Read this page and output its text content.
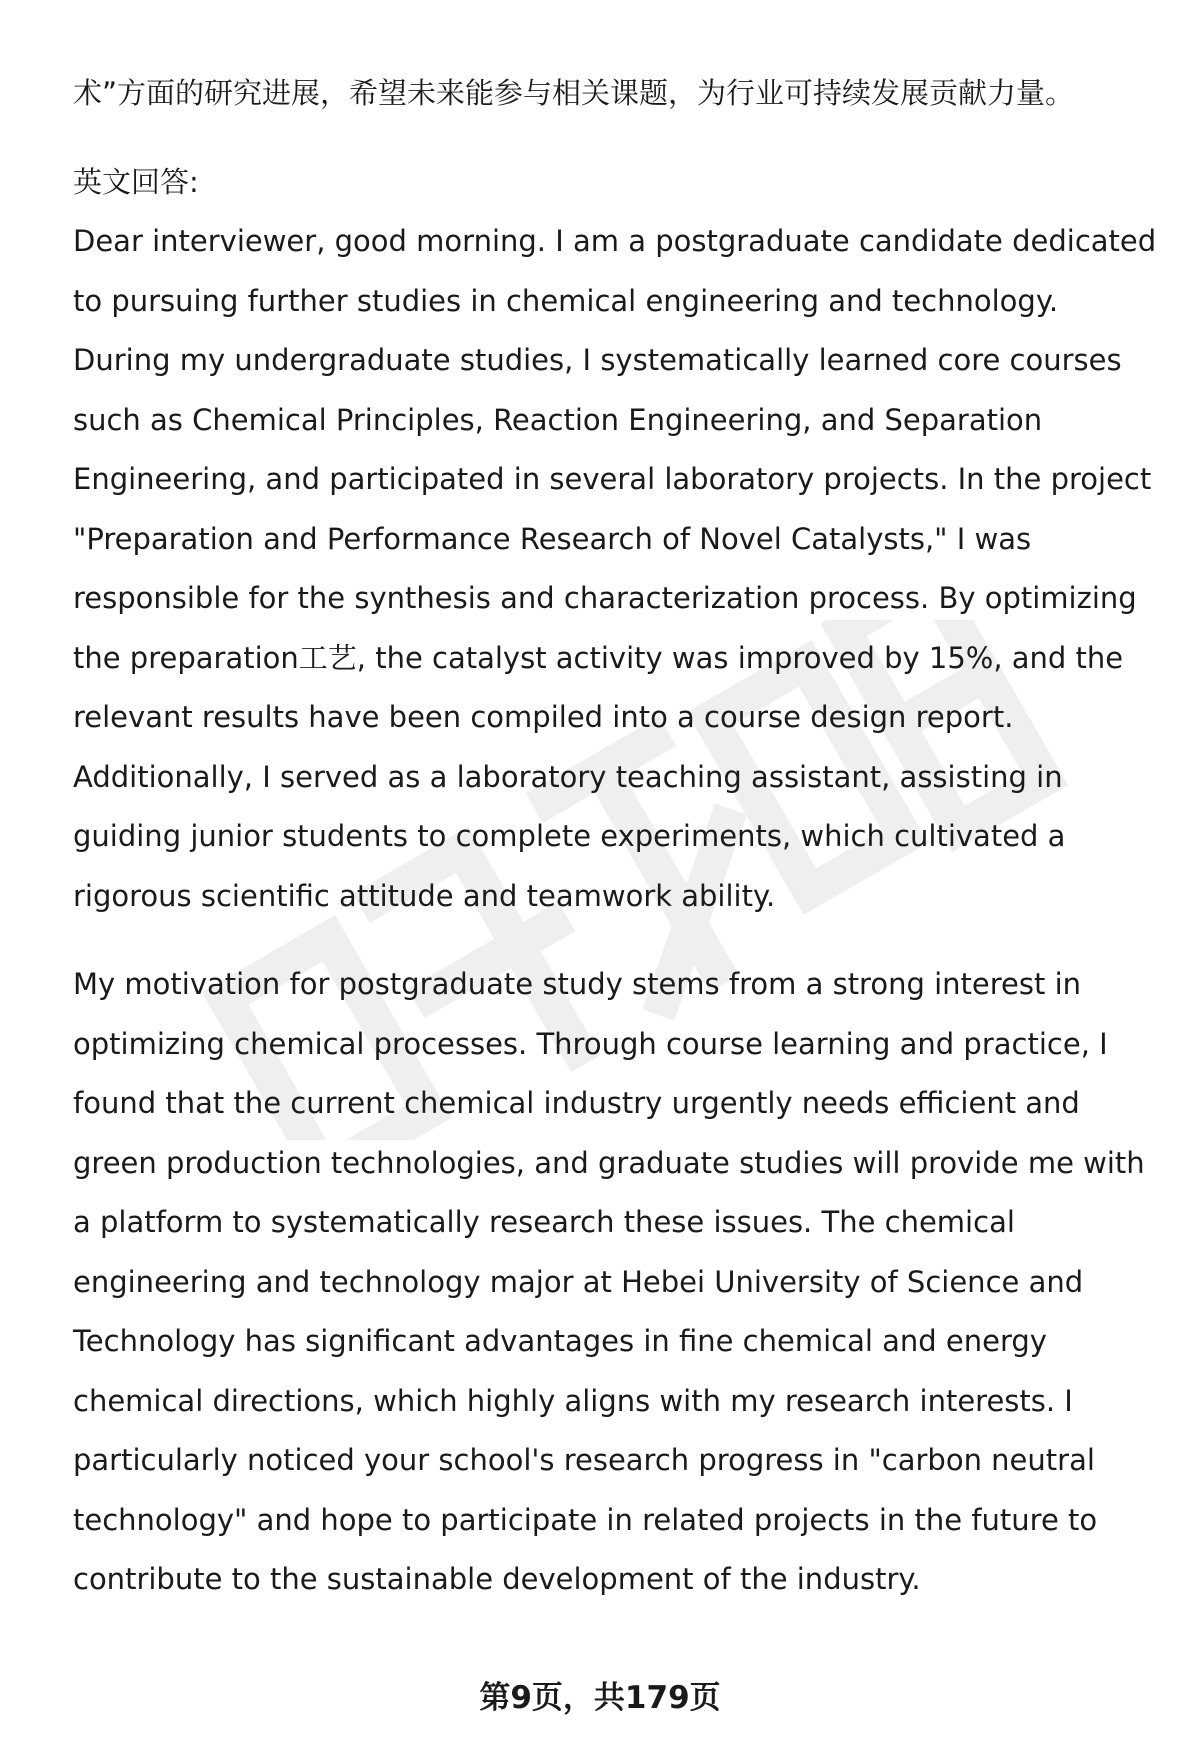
术”方面的研究进展，希望未来能参与相关课题，为行业可持续发展贡献力量。

英文回答:

Dear interviewer, good morning. I am a postgraduate candidate dedicated to pursuing further studies in chemical engineering and technology. During my undergraduate studies, I systematically learned core courses such as Chemical Principles, Reaction Engineering, and Separation Engineering, and participated in several laboratory projects. In the project "Preparation and Performance Research of Novel Catalysts," I was responsible for the synthesis and characterization process. By optimizing the preparation工艺, the catalyst activity was improved by 15%, and the relevant results have been compiled into a course design report. Additionally, I served as a laboratory teaching assistant, assisting in guiding junior students to complete experiments, which cultivated a rigorous scientific attitude and teamwork ability.

My motivation for postgraduate study stems from a strong interest in optimizing chemical processes. Through course learning and practice, I found that the current chemical industry urgently needs efficient and green production technologies, and graduate studies will provide me with a platform to systematically research these issues. The chemical engineering and technology major at Hebei University of Science and Technology has significant advantages in fine chemical and energy chemical directions, which highly aligns with my research interests. I particularly noticed your school's research progress in "carbon neutral technology" and hope to participate in related projects in the future to contribute to the sustainable development of the industry.

第9页，共179页
